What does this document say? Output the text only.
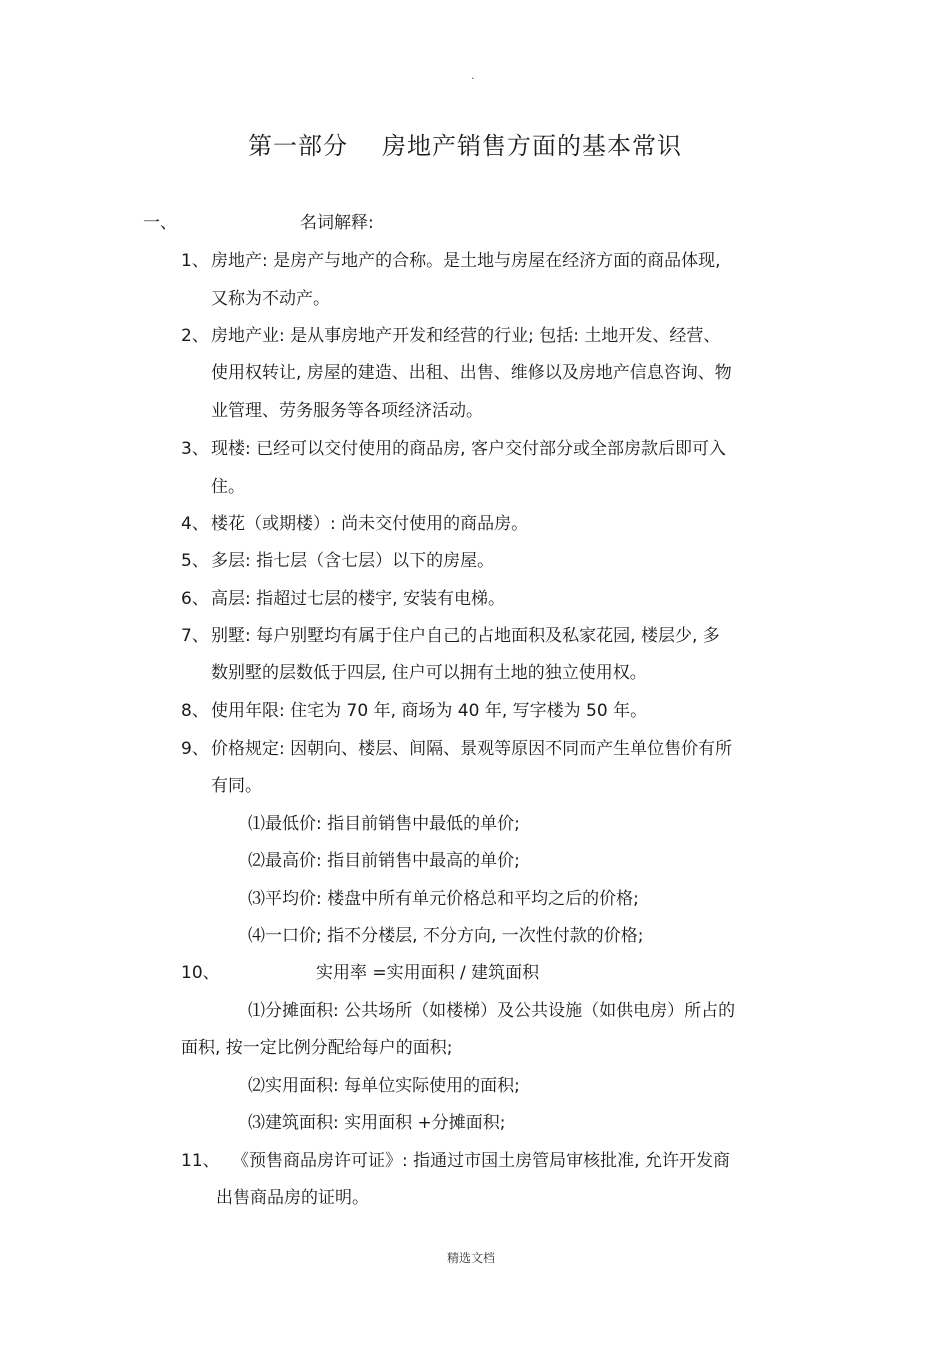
·
第一部分 房地产销售方面的基本常识
一、	名词解释:
1、 房地产: 是房产与地产的合称。是土地与房屋在经济方面的商品体现,
又称为不动产。
2、 房地产业: 是从事房地产开发和经营的行业; 包括: 土地开发、经营、
使用权转让, 房屋的建造、出租、出售、维修以及房地产信息咨询、物
业管理、劳务服务等各项经济活动。
3、 现楼: 已经可以交付使用的商品房, 客户交付部分或全部房款后即可入
住。
4、 楼花（或期楼）: 尚未交付使用的商品房。
5、 多层: 指七层（含七层）以下的房屋。
6、 高层: 指超过七层的楼宇, 安装有电梯。
7、 别墅: 每户别墅均有属于住户自己的占地面积及私家花园, 楼层少, 多
数别墅的层数低于四层, 住户可以拥有土地的独立使用权。
8、 使用年限: 住宅为 70 年, 商场为 40 年, 写字楼为 50 年。
9、 价格规定: 因朝向、楼层、间隔、景观等原因不同而产生单位售价有所
有同。
⑴最低价: 指目前销售中最低的单价;
⑵最高价: 指目前销售中最高的单价;
⑶平均价: 楼盘中所有单元价格总和平均之后的价格;
⑷一口价; 指不分楼层, 不分方向, 一次性付款的价格;
10、	实用率 =实用面积 / 建筑面积
⑴分摊面积: 公共场所（如楼梯）及公共设施（如供电房）所占的
面积, 按一定比例分配给每户的面积;
⑵实用面积: 每单位实际使用的面积;
⑶建筑面积: 实用面积 +分摊面积;
11、 《预售商品房许可证》: 指通过市国土房管局审核批准, 允许开发商
出售商品房的证明。
精选文档
